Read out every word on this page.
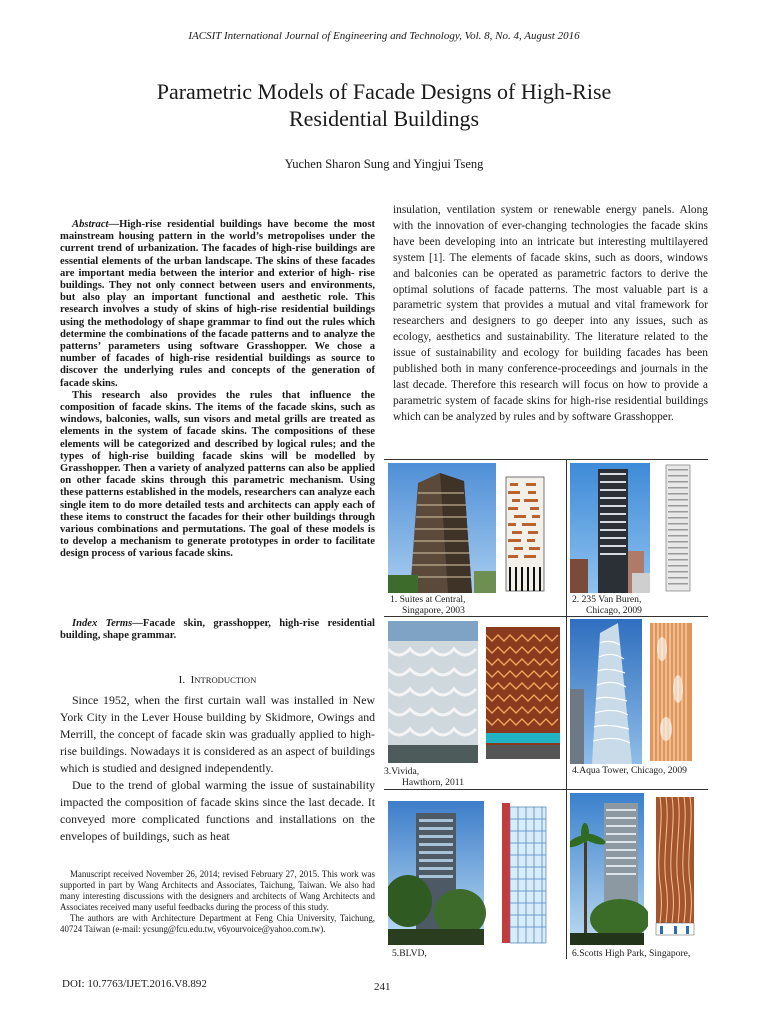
IACSIT International Journal of Engineering and Technology, Vol. 8, No. 4, August 2016
Parametric Models of Facade Designs of High-Rise
Residential Buildings
Yuchen Sharon Sung and Yingjui Tseng

Abstract—High-rise residential buildings have become the most mainstream housing pattern in the world’s metropolises under the current trend of urbanization. The facades of high-rise buildings are essential elements of the urban landscape. The skins of these facades are important media between the interior and exterior of high- rise buildings. They not only connect between users and environments, but also play an important functional and aesthetic role. This research involves a study of skins of high-rise residential buildings using the methodology of shape grammar to find out the rules which determine the combinations of the facade patterns and to analyze the patterns’ parameters using software Grasshopper. We chose a number of facades of high-rise residential buildings as source to discover the underlying rules and concepts of the generation of facade skins.

This research also provides the rules that influence the composition of facade skins. The items of the facade skins, such as windows, balconies, walls, sun visors and metal grills are treated as elements in the system of facade skins. The compositions of these elements will be categorized and described by logical rules; and the types of high-rise building facade skins will be modelled by Grasshopper. Then a variety of analyzed patterns can also be applied on other facade skins through this parametric mechanism. Using these patterns established in the models, researchers can analyze each single item to do more detailed tests and architects can apply each of these items to construct the facades for their other buildings through various combinations and permutations. The goal of these models is to develop a mechanism to generate prototypes in order to facilitate design process of various facade skins.

Index Terms—Facade skin, grasshopper, high-rise residential building, shape grammar.
I. INTRODUCTION

Since 1952, when the first curtain wall was installed in New York City in the Lever House building by Skidmore, Owings and Merrill, the concept of facade skin was gradually applied to high-rise buildings. Nowadays it is considered as an aspect of buildings which is studied and designed independently.

Due to the trend of global warming the issue of sustainability impacted the composition of facade skins since the last decade. It conveyed more complicated functions and installations on the envelopes of buildings, such as heat

Manuscript received November 26, 2014; revised February 27, 2015. This work was supported in part by Wang Architects and Associates, Taichung, Taiwan. We also had many interesting discussions with the designers and architects of Wang Architects and Associates received many useful feedbacks during the process of this study.

The authors are with Architecture Department at Feng Chia University, Taichung, 40724 Taiwan (e-mail: ycsung@fcu.edu.tw, v6yourvoice@yahoo.com.tw).

insulation, ventilation system or renewable energy panels. Along with the innovation of ever-changing technologies the facade skins have been developing into an intricate but interesting multilayered system [1]. The elements of facade skins, such as doors, windows and balconies can be operated as parametric factors to derive the optimal solutions of facade patterns. The most valuable part is a parametric system that provides a mutual and vital framework for researchers and designers to go deeper into any issues, such as ecology, aesthetics and sustainability. The literature related to the issue of sustainability and ecology for building facades has been published both in many conference-proceedings and journals in the last decade. Therefore this research will focus on how to provide a parametric system of facade skins for high-rise residential buildings which can be analyzed by rules and by software Grasshopper.
1. Suites at Central,
Singapore, 2003
2. 235 Van Buren,
Chicago, 2009
3.Vivida,
Hawthorn, 2011
4.Aqua Tower, Chicago, 2009
5.BLVD,	6.Scotts High Park, Singapore,
DOI: 10.7763/IJET.2016.V8.892	241
